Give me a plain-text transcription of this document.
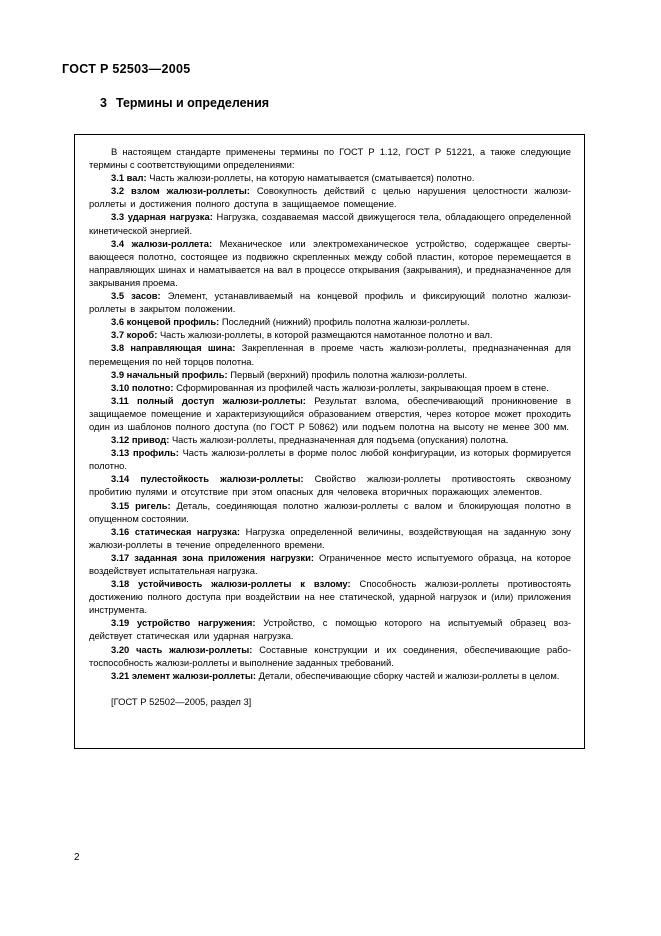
ГОСТ Р 52503—2005
3 Термины и определения

В настоящем стандарте применены термины по ГОСТ Р 1.12, ГОСТ Р 51221, а также следующие термины с соответствующими определениями:

3.1 вал: Часть жалюзи-роллеты, на которую наматывается (сматывается) полотно.

3.2 взлом жалюзи-роллеты: Совокупность действий с целью нарушения целостности жалюзи-роллеты и достижения полного доступа в защищаемое помещение.

3.3 ударная нагрузка: Нагрузка, создаваемая массой движущегося тела, обладающего определенной кинетической энергией.

3.4 жалюзи-роллета: Механическое или электромеханическое устройство, содержащее свертывающееся полотно, состоящее из подвижно скрепленных между собой пластин, которое перемещается в направляющих шинах и наматывается на вал в процессе открывания (закрывания), и предназначенное для закрывания проема.

3.5 засов: Элемент, устанавливаемый на концевой профиль и фиксирующий полотно жалюзи-роллеты в закрытом положении.

3.6 концевой профиль: Последний (нижний) профиль полотна жалюзи-роллеты.

3.7 короб: Часть жалюзи-роллеты, в которой размещаются намотанное полотно и вал.

3.8 направляющая шина: Закрепленная в проеме часть жалюзи-роллеты, предназначенная для перемещения по ней торцов полотна.

3.9 начальный профиль: Первый (верхний) профиль полотна жалюзи-роллеты.

3.10 полотно: Сформированная из профилей часть жалюзи-роллеты, закрывающая проем в стене.

3.11 полный доступ жалюзи-роллеты: Результат взлома, обеспечивающий проникновение в защищаемое помещение и характеризующийся образованием отверстия, через которое может проходить один из шаблонов полного доступа (по ГОСТ Р 50862) или подъем полотна на высоту не менее 300 мм.

3.12 привод: Часть жалюзи-роллеты, предназначенная для подъема (опускания) полотна.

3.13 профиль: Часть жалюзи-роллеты в форме полос любой конфигурации, из которых формируется полотно.

3.14 пулестойкость жалюзи-роллеты: Свойство жалюзи-роллеты противостоять сквозному пробитию пулями и отсутствие при этом опасных для человека вторичных поражающих элементов.

3.15 ригель: Деталь, соединяющая полотно жалюзи-роллеты с валом и блокирующая полотно в опущенном состоянии.

3.16 статическая нагрузка: Нагрузка определенной величины, воздействующая на заданную зону жалюзи-роллеты в течение определенного времени.

3.17 заданная зона приложения нагрузки: Ограниченное место испытуемого образца, на которое воздействует испытательная нагрузка.

3.18 устойчивость жалюзи-роллеты к взлому: Способность жалюзи-роллеты противостоять достижению полного доступа при воздействии на нее статической, ударной нагрузок и (или) приложения инструмента.

3.19 устройство нагружения: Устройство, с помощью которого на испытуемый образец воздействует статическая или ударная нагрузка.

3.20 часть жалюзи-роллеты: Составные конструкции и их соединения, обеспечивающие работоспособность жалюзи-роллеты и выполнение заданных требований.

3.21 элемент жалюзи-роллеты: Детали, обеспечивающие сборку частей и жалюзи-роллеты в целом.

[ГОСТ Р 52502—2005, раздел 3]

2
